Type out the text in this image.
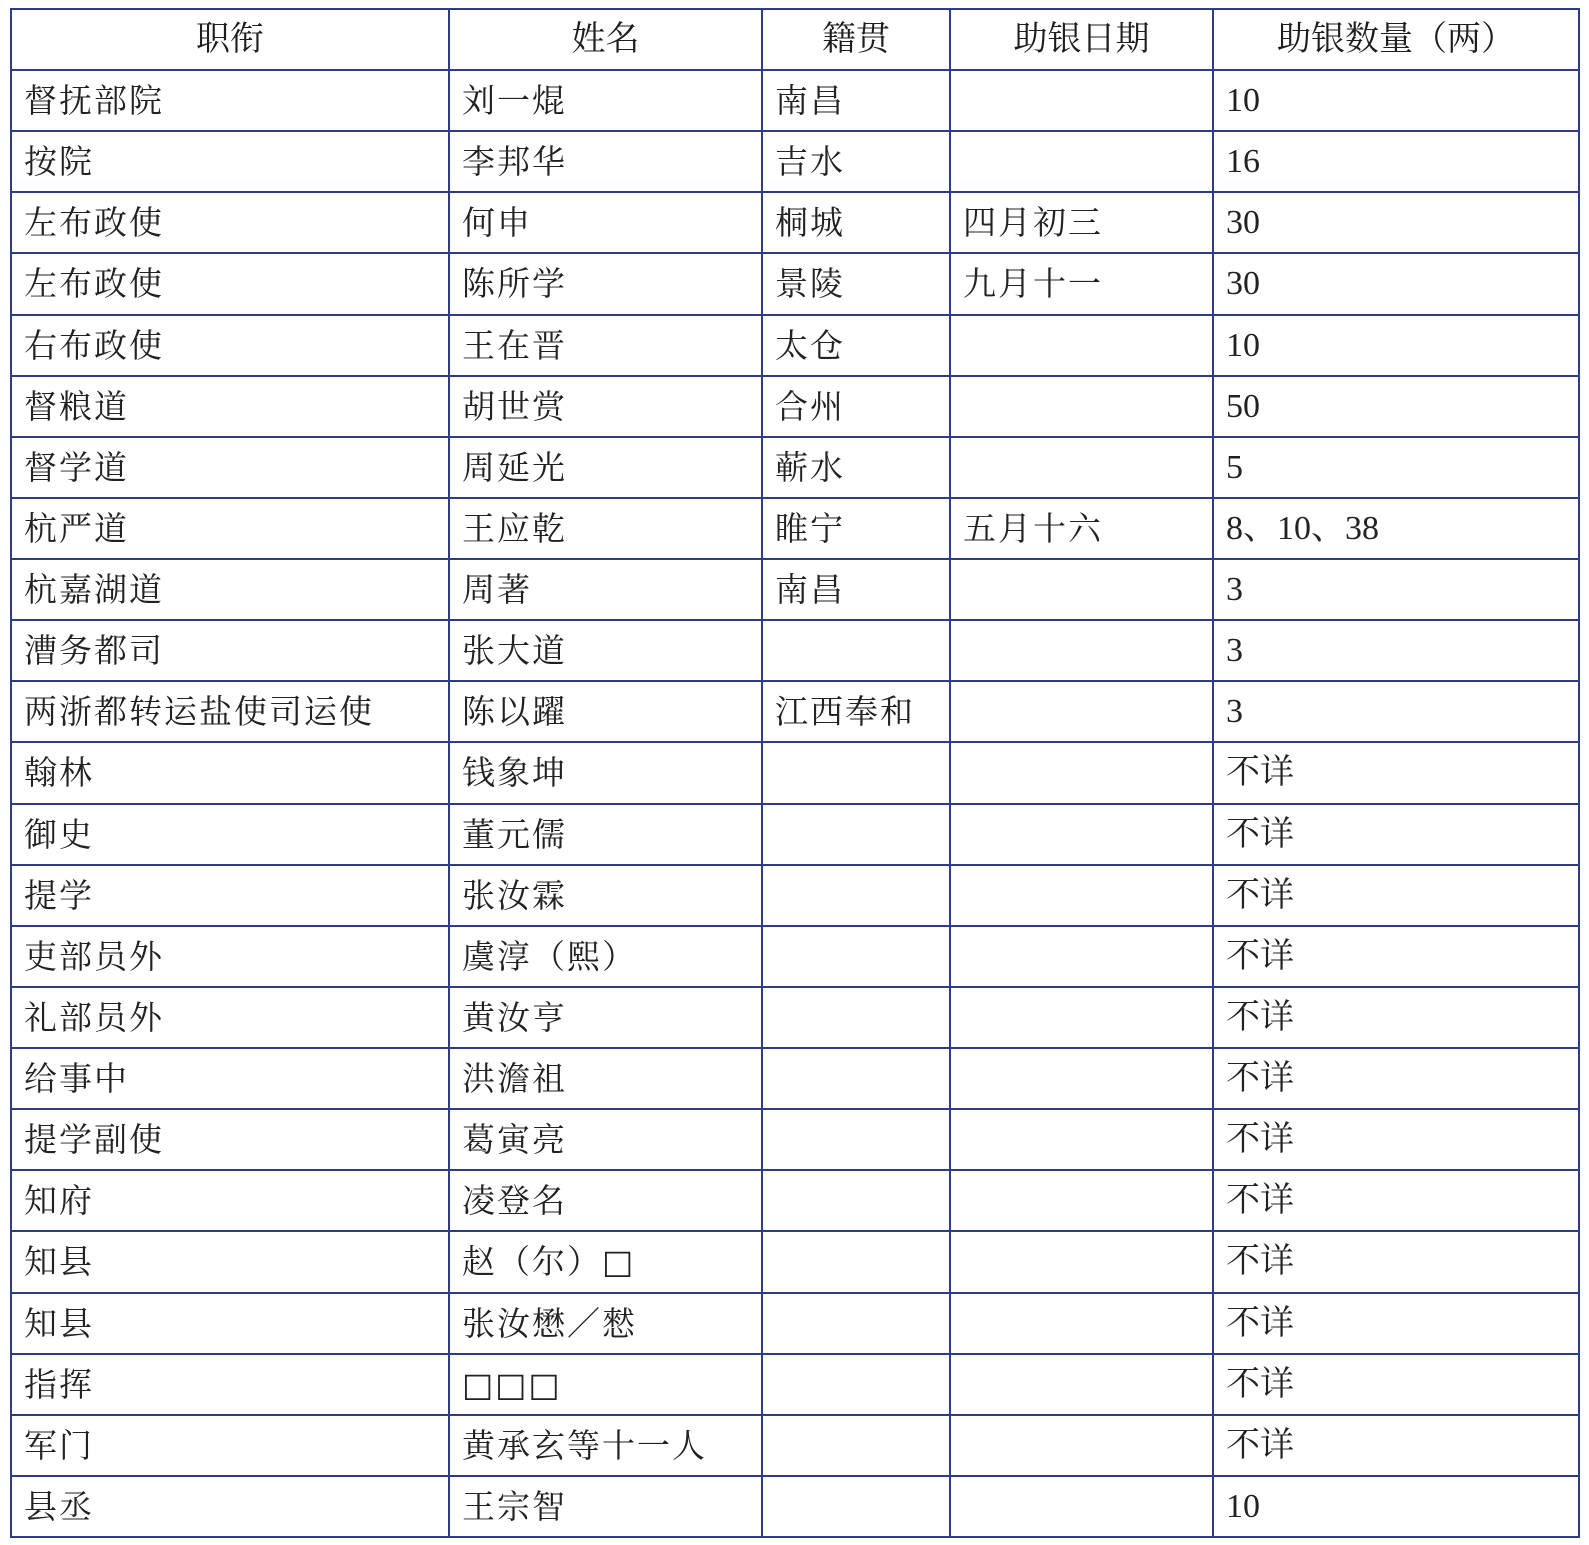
职衔	姓名	籍贯	助银日期	助银数量（两）
督抚部院	刘一焜	南昌		10
按院	李邦华	吉水		16
左布政使	何申	桐城	四月初三	30
左布政使	陈所学	景陵	九月十一	30
右布政使	王在晋	太仓		10
督粮道	胡世赏	合州		50
督学道	周延光	蕲水		5
杭严道	王应乾	睢宁	五月十六	8、10、38
杭嘉湖道	周著	南昌		3
漕务都司	张大道			3
两浙都转运盐使司运使	陈以躍	江西奉和		3
翰林	钱象坤			不详
御史	董元儒			不详
提学	张汝霖			不详
吏部员外	虞淳（熙）			不详
礼部员外	黄汝亨			不详
给事中	洪澹祖			不详
提学副使	葛寅亮			不详
知府	凌登名			不详
知县	赵（尔）□			不详
知县	张汝懋／憖			不详
指挥	□□□			不详
军门	黄承玄等十一人			不详
县丞	王宗智			10
